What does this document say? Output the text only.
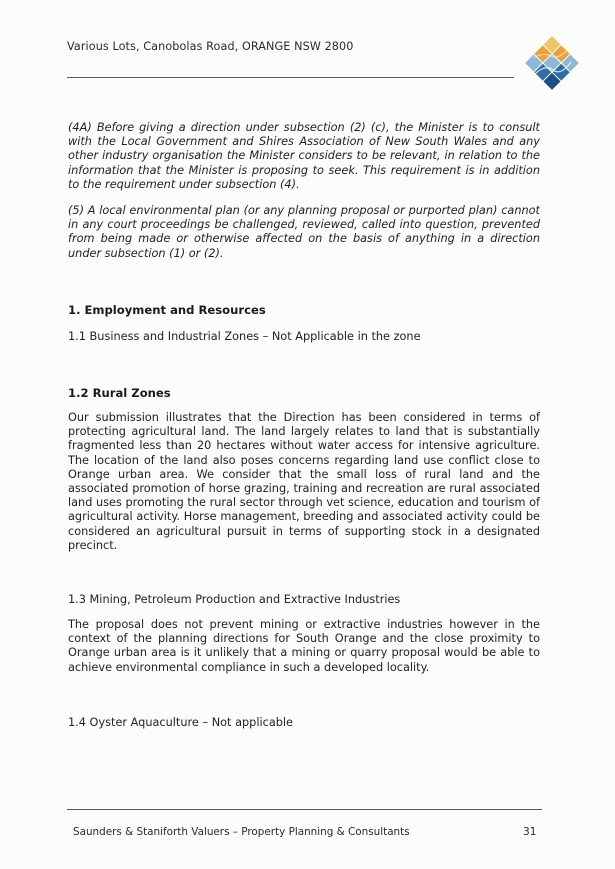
Various Lots, Canobolas Road, ORANGE NSW 2800

(4A) Before giving a direction under subsection (2) (c), the Minister is to consult with the Local Government and Shires Association of New South Wales and any other industry organisation the Minister considers to be relevant, in relation to the information that the Minister is proposing to seek. This requirement is in addition to the requirement under subsection (4).

(5) A local environmental plan (or any planning proposal or purported plan) cannot in any court proceedings be challenged, reviewed, called into question, prevented from being made or otherwise affected on the basis of anything in a direction under subsection (1) or (2).

1. Employment and Resources

1.1 Business and Industrial Zones – Not Applicable in the zone

1.2 Rural Zones

Our submission illustrates that the Direction has been considered in terms of protecting agricultural land. The land largely relates to land that is substantially fragmented less than 20 hectares without water access for intensive agriculture. The location of the land also poses concerns regarding land use conflict close to Orange urban area. We consider that the small loss of rural land and the associated promotion of horse grazing, training and recreation are rural associated land uses promoting the rural sector through vet science, education and tourism of agricultural activity. Horse management, breeding and associated activity could be considered an agricultural pursuit in terms of supporting stock in a designated precinct.

1.3 Mining, Petroleum Production and Extractive Industries

The proposal does not prevent mining or extractive industries however in the context of the planning directions for South Orange and the close proximity to Orange urban area is it unlikely that a mining or quarry proposal would be able to achieve environmental compliance in such a developed locality.

1.4 Oyster Aquaculture – Not applicable

Saunders & Staniforth Valuers – Property Planning & Consultants	31
